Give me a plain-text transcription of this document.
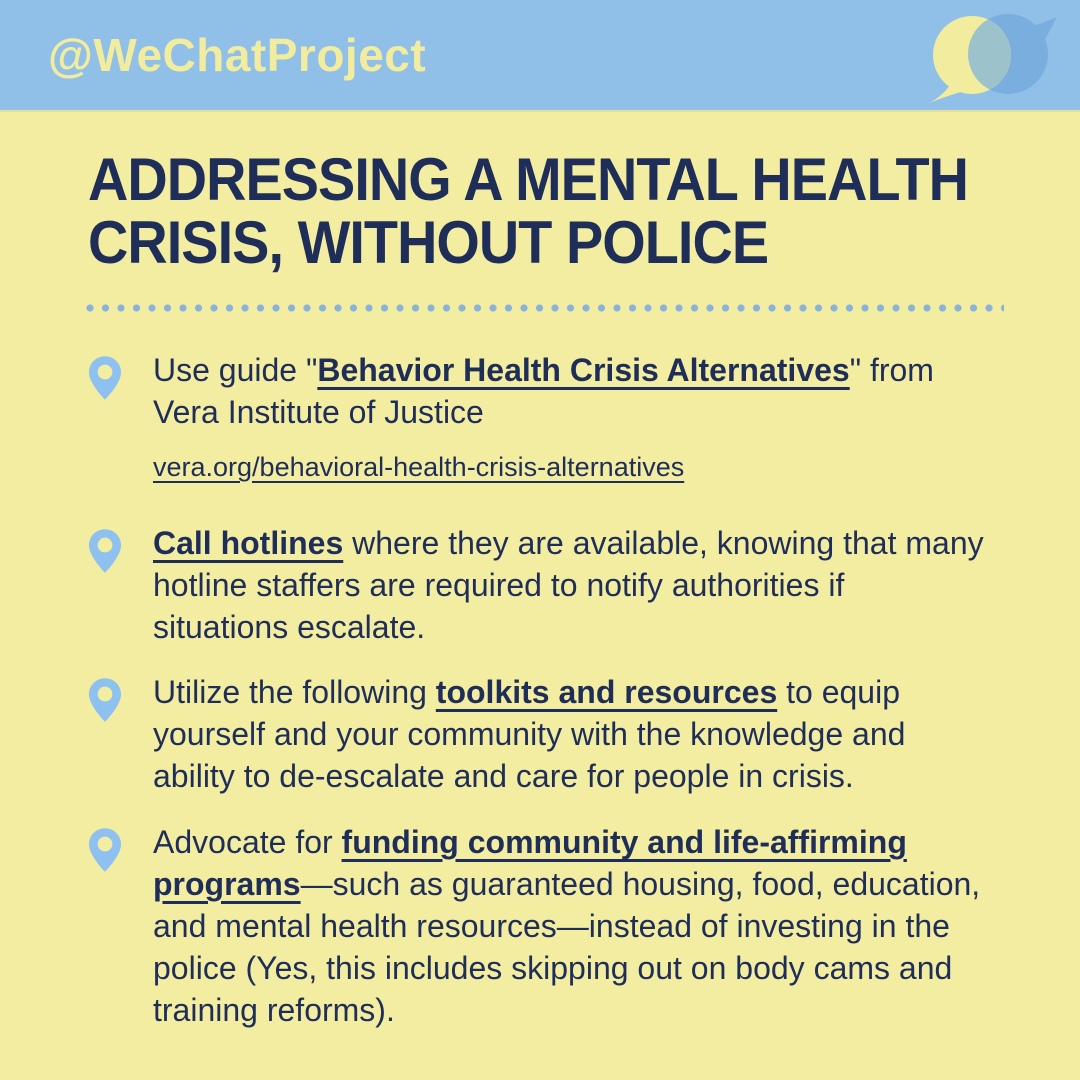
@WeChatProject
ADDRESSING A MENTAL HEALTH
CRISIS, WITHOUT POLICE

Use guide "Behavior Health Crisis Alternatives" from Vera Institute of Justice

vera.org/behavioral-health-crisis-alternatives

Call hotlines where they are available, knowing that many hotline staffers are required to notify authorities if situations escalate.

Utilize the following toolkits and resources to equip yourself and your community with the knowledge and ability to de-escalate and care for people in crisis.

Advocate for funding community and life-affirming programs—such as guaranteed housing, food, education, and mental health resources—instead of investing in the police (Yes, this includes skipping out on body cams and training reforms).
